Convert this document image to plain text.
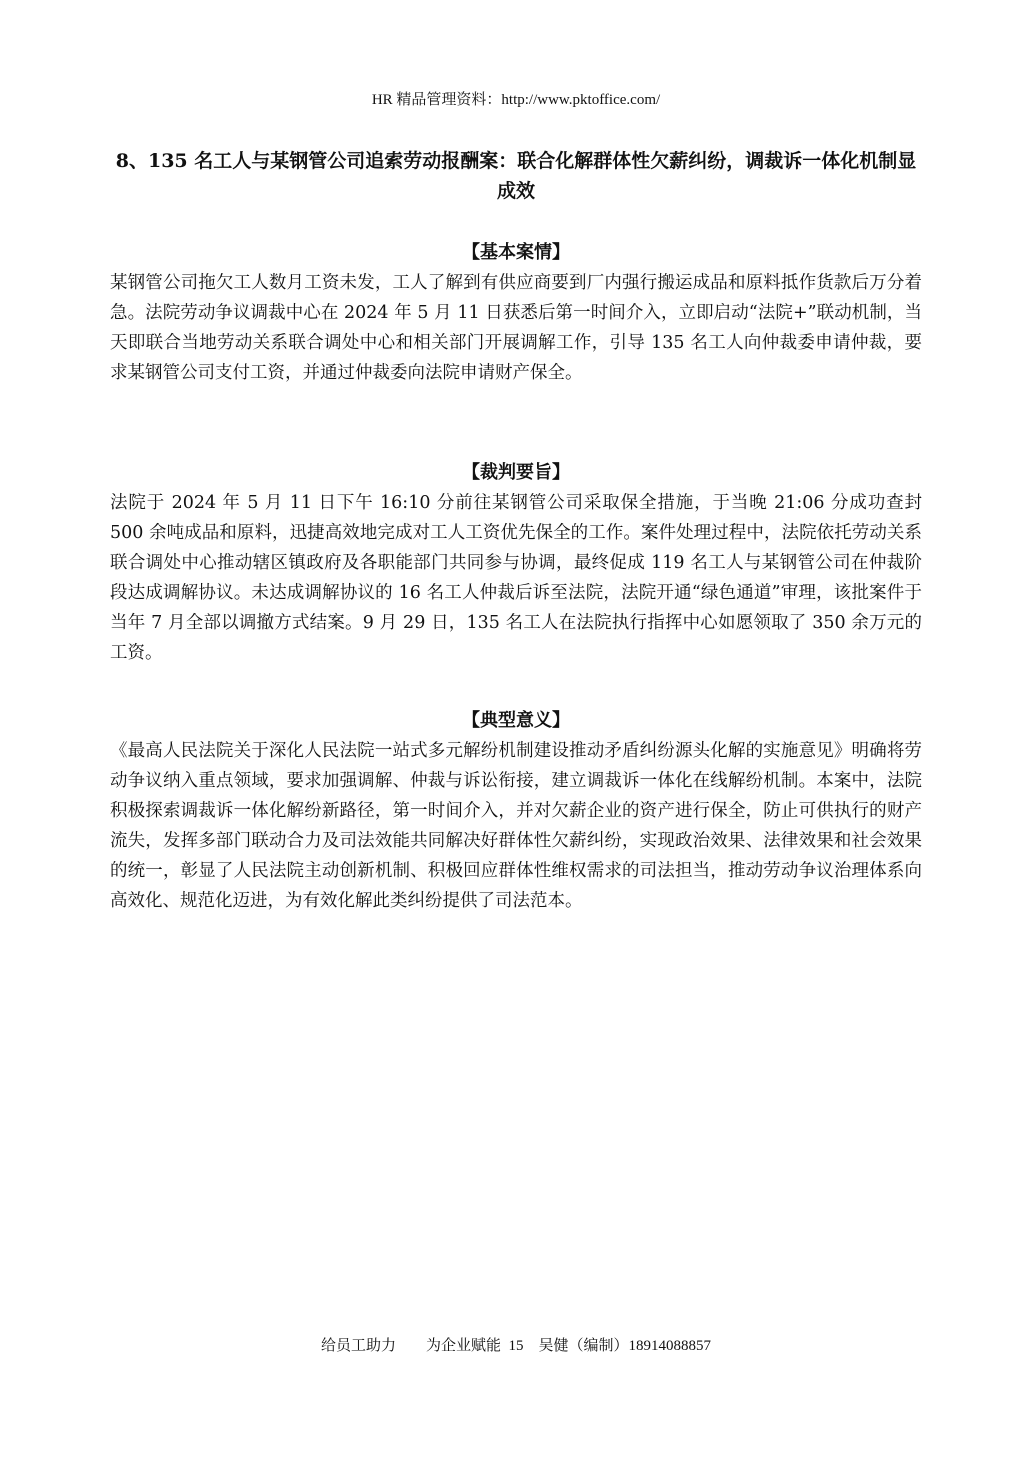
HR 精品管理资料：http://www.pktoffice.com/
8、135 名工人与某钢管公司追索劳动报酬案：联合化解群体性欠薪纠纷，调裁诉一体化机制显成效
【基本案情】

某钢管公司拖欠工人数月工资未发，工人了解到有供应商要到厂内强行搬运成品和原料抵作货款后万分着急。法院劳动争议调裁中心在 2024 年 5 月 11 日获悉后第一时间介入，立即启动“法院+”联动机制，当天即联合当地劳动关系联合调处中心和相关部门开展调解工作，引导 135 名工人向仲裁委申请仲裁，要求某钢管公司支付工资，并通过仲裁委向法院申请财产保全。

【裁判要旨】

法院于 2024 年 5 月 11 日下午 16:10 分前往某钢管公司采取保全措施，于当晚 21:06 分成功查封 500 余吨成品和原料，迅捷高效地完成对工人工资优先保全的工作。案件处理过程中，法院依托劳动关系联合调处中心推动辖区镇政府及各职能部门共同参与协调，最终促成 119 名工人与某钢管公司在仲裁阶段达成调解协议。未达成调解协议的 16 名工人仲裁后诉至法院，法院开通“绿色通道”审理，该批案件于当年 7 月全部以调撤方式结案。9 月 29 日，135 名工人在法院执行指挥中心如愿领取了 350 余万元的工资。

【典型意义】

《最高人民法院关于深化人民法院一站式多元解纷机制建设推动矛盾纠纷源头化解的实施意见》明确将劳动争议纳入重点领域，要求加强调解、仲裁与诉讼衔接，建立调裁诉一体化在线解纷机制。本案中，法院积极探索调裁诉一体化解纷新路径，第一时间介入，并对欠薪企业的资产进行保全，防止可供执行的财产流失，发挥多部门联动合力及司法效能共同解决好群体性欠薪纠纷，实现政治效果、法律效果和社会效果的统一，彰显了人民法院主动创新机制、积极回应群体性维权需求的司法担当，推动劳动争议治理体系向高效化、规范化迈进，为有效化解此类纠纷提供了司法范本。

给员工助力　　为企业赋能  15    吴健（编制）18914088857
